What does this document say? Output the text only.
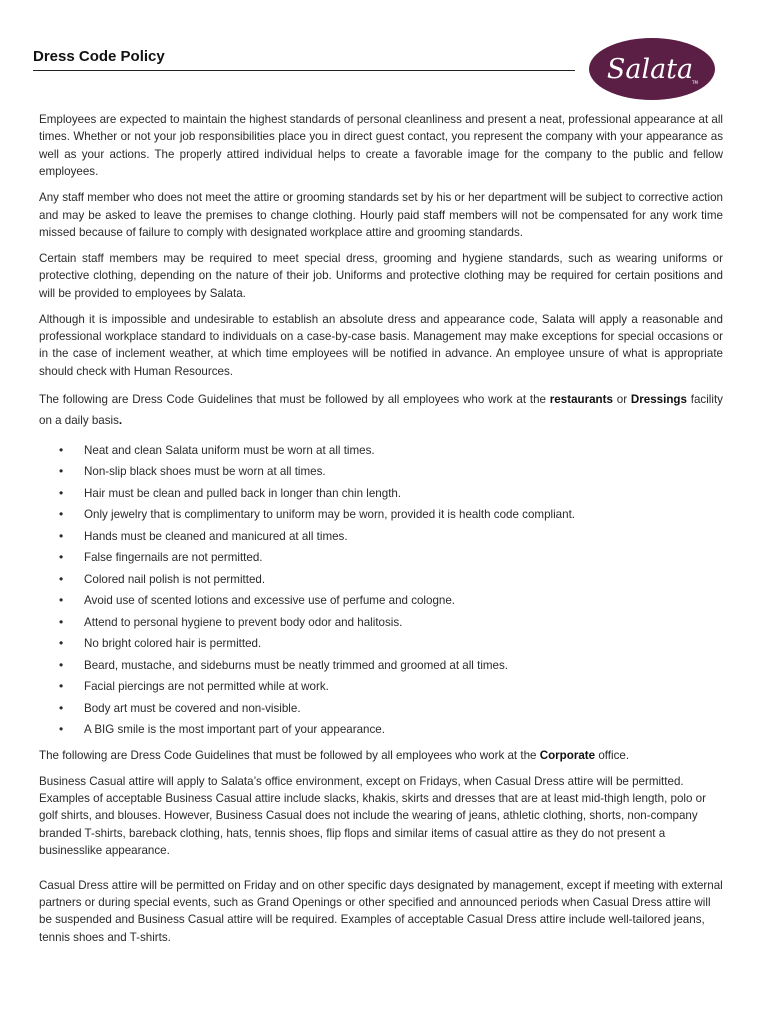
Dress Code Policy	Salata
TM

Employees are expected to maintain the highest standards of personal cleanliness and present a neat, professional appearance at all times. Whether or not your job responsibilities place you in direct guest contact, you represent the company with your appearance as well as your actions. The properly attired individual helps to create a favorable image for the company to the public and fellow employees.

Any staff member who does not meet the attire or grooming standards set by his or her department will be subject to corrective action and may be asked to leave the premises to change clothing. Hourly paid staff members will not be compensated for any work time missed because of failure to comply with designated workplace attire and grooming standards.

Certain staff members may be required to meet special dress, grooming and hygiene standards, such as wearing uniforms or protective clothing, depending on the nature of their job. Uniforms and protective clothing may be required for certain positions and will be provided to employees by Salata.

Although it is impossible and undesirable to establish an absolute dress and appearance code, Salata will apply a reasonable and professional workplace standard to individuals on a case-by-case basis. Management may make exceptions for special occasions or in the case of inclement weather, at which time employees will be notified in advance. An employee unsure of what is appropriate should check with Human Resources.

The following are Dress Code Guidelines that must be followed by all employees who work at the restaurants or Dressings facility on a daily basis.

• Neat and clean Salata uniform must be worn at all times.
• Non-slip black shoes must be worn at all times.
• Hair must be clean and pulled back in longer than chin length.
• Only jewelry that is complimentary to uniform may be worn, provided it is health code compliant.
• Hands must be cleaned and manicured at all times.
• False fingernails are not permitted.
• Colored nail polish is not permitted.
• Avoid use of scented lotions and excessive use of perfume and cologne.
• Attend to personal hygiene to prevent body odor and halitosis.
• No bright colored hair is permitted.
• Beard, mustache, and sideburns must be neatly trimmed and groomed at all times.
• Facial piercings are not permitted while at work.
• Body art must be covered and non-visible.
• A BIG smile is the most important part of your appearance.

The following are Dress Code Guidelines that must be followed by all employees who work at the Corporate office.

Business Casual attire will apply to Salata’s office environment, except on Fridays, when Casual Dress attire will be permitted. Examples of acceptable Business Casual attire include slacks, khakis, skirts and dresses that are at least mid-thigh length, polo or golf shirts, and blouses. However, Business Casual does not include the wearing of jeans, athletic clothing, shorts, non-company branded T-shirts, bareback clothing, hats, tennis shoes, flip flops and similar items of casual attire as they do not present a businesslike appearance.

Casual Dress attire will be permitted on Friday and on other specific days designated by management, except if meeting with external partners or during special events, such as Grand Openings or other specified and announced periods when Casual Dress attire will be suspended and Business Casual attire will be required. Examples of acceptable Casual Dress attire include well-tailored jeans, tennis shoes and T-shirts.
